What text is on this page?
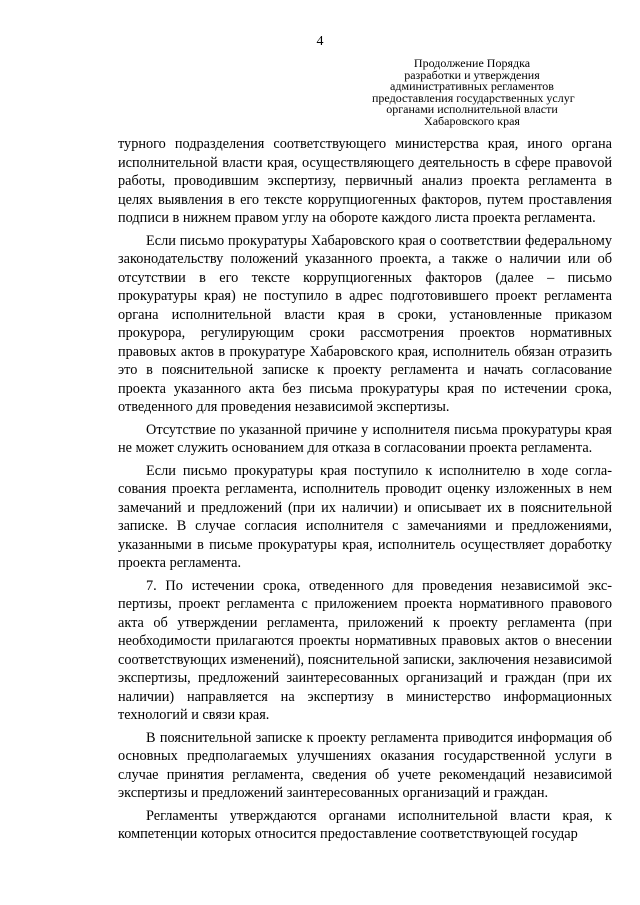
4
Продолжение Порядка
разработки и утверждения
административных регламентов
предоставления государственных услуг
органами исполнительной власти
Хабаровского края

турного подразделения соответствующего министерства края, иного органа исполнительной власти края, осуществляющего деятельность в сфере правоvой работы, проводившим экспертизу, первичный анализ проекта регламента в целях выявления в его тексте коррупциогенных факторов, путем проставления подписи в нижнем правом углу на обороте каждого листа проекта регламента.

Если письмо прокуратуры Хабаровского края о соответствии федеральному законодательству положений указанного проекта, а также о наличии или об отсутствии в его тексте коррупциогенных факторов (далее – письмо прокуратуры края) не поступило в адрес подготовившего проект регламента органа исполнительной власти края в сроки, установленные приказом прокурора, регулирующим сроки рассмотрения проектов нормативных правовых актов в прокуратуре Хабаровского края, исполнитель обязан отразить это в пояснительной записке к проекту регламента и начать согласование проекта указанного акта без письма прокуратуры края по истечении срока, отведенного для проведения независимой экспертизы.

Отсутствие по указанной причине у исполнителя письма прокуратуры края не может служить основанием для отказа в согласовании проекта регламента.

Если письмо прокуратуры края поступило к исполнителю в ходе согласования проекта регламента, исполнитель проводит оценку изложенных в нем замечаний и предложений (при их наличии) и описывает их в пояснительной записке. В случае согласия исполнителя с замечаниями и предложениями, указанными в письме прокуратуры края, исполнитель осуществляет доработку проекта регламента.

7. По истечении срока, отведенного для проведения независимой экспертизы, проект регламента с приложением проекта нормативного правового акта об утверждении регламента, приложений к проекту регламента (при необходимости прилагаются проекты нормативных правовых актов о внесении соответствующих изменений), пояснительной записки, заключения независимой экспертизы, предложений заинтересованных организаций и граждан (при их наличии) направляется на экспертизу в министерство информационных технологий и связи края.

В пояснительной записке к проекту регламента приводится информация об основных предполагаемых улучшениях оказания государственной услуги в случае принятия регламента, сведения об учете рекомендаций независимой экспертизы и предложений заинтересованных организаций и граждан.

Регламенты утверждаются органами исполнительной власти края, к компетенции которых относится предоставление соответствующей государ
